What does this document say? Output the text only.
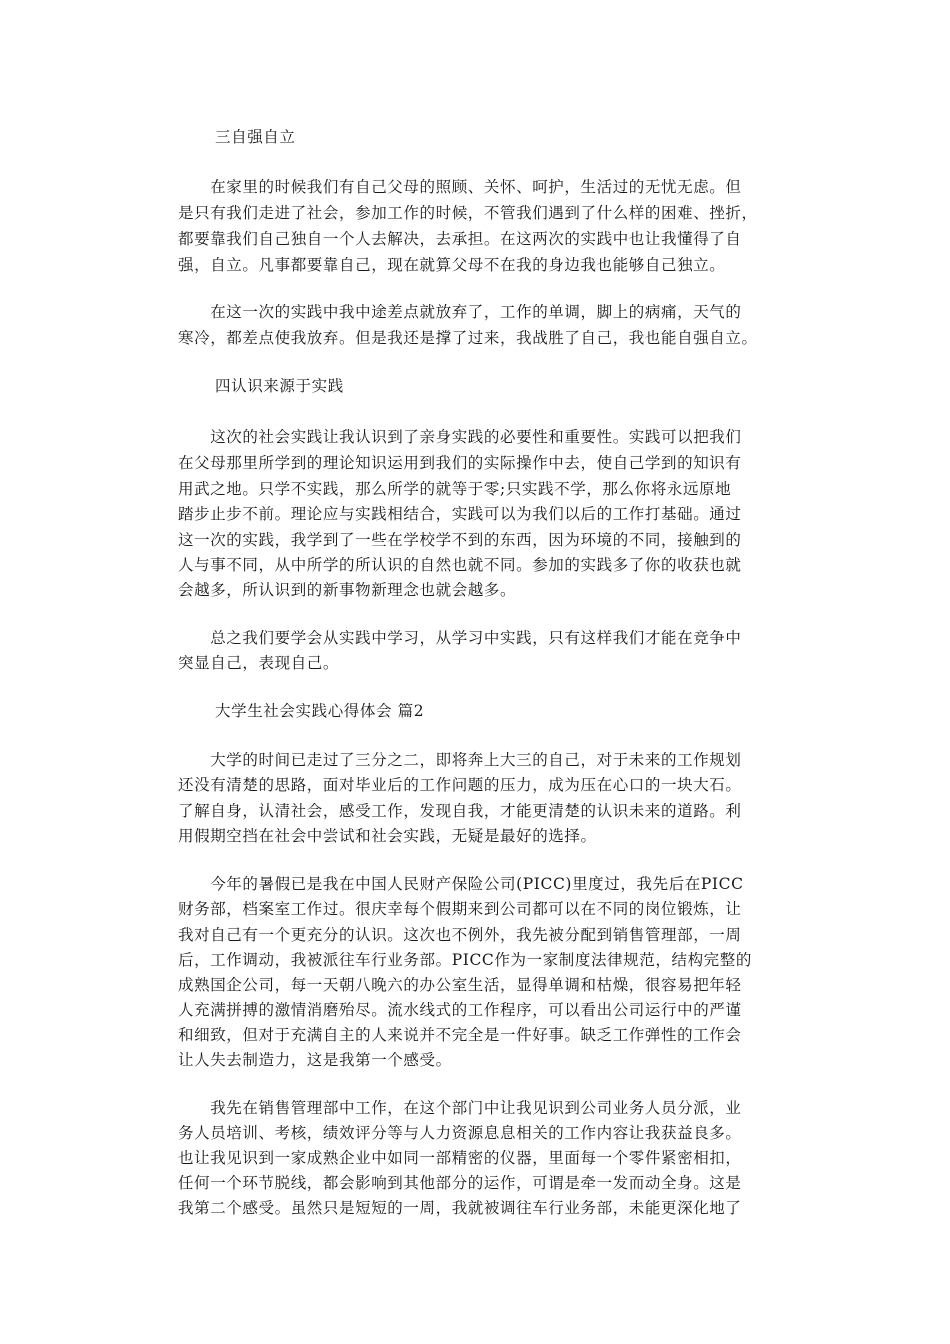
三自强自立
　　在家里的时候我们有自己父母的照顾、关怀、呵护，生活过的无忧无虑。但
是只有我们走进了社会，参加工作的时候，不管我们遇到了什么样的困难、挫折，
都要靠我们自己独自一个人去解决，去承担。在这两次的实践中也让我懂得了自
强，自立。凡事都要靠自己，现在就算父母不在我的身边我也能够自己独立。
　　在这一次的实践中我中途差点就放弃了，工作的单调，脚上的病痛，天气的
寒冷，都差点使我放弃。但是我还是撑了过来，我战胜了自己，我也能自强自立。
四认识来源于实践
　　这次的社会实践让我认识到了亲身实践的必要性和重要性。实践可以把我们
在父母那里所学到的理论知识运用到我们的实际操作中去，使自己学到的知识有
用武之地。只学不实践，那么所学的就等于零;只实践不学，那么你将永远原地
踏步止步不前。理论应与实践相结合，实践可以为我们以后的工作打基础。通过
这一次的实践，我学到了一些在学校学不到的东西，因为环境的不同，接触到的
人与事不同，从中所学的所认识的自然也就不同。参加的实践多了你的收获也就
会越多，所认识到的新事物新理念也就会越多。
　　总之我们要学会从实践中学习，从学习中实践，只有这样我们才能在竞争中
突显自己，表现自己。
大学生社会实践心得体会 篇2
　　大学的时间已走过了三分之二，即将奔上大三的自己，对于未来的工作规划
还没有清楚的思路，面对毕业后的工作问题的压力，成为压在心口的一块大石。
了解自身，认清社会，感受工作，发现自我，才能更清楚的认识未来的道路。利
用假期空挡在社会中尝试和社会实践，无疑是最好的选择。
　　今年的暑假已是我在中国人民财产保险公司(PICC)里度过，我先后在PICC
财务部，档案室工作过。很庆幸每个假期来到公司都可以在不同的岗位锻炼，让
我对自己有一个更充分的认识。这次也不例外，我先被分配到销售管理部，一周
后，工作调动，我被派往车行业务部。PICC作为一家制度法律规范，结构完整的
成熟国企公司，每一天朝八晚六的办公室生活，显得单调和枯燥，很容易把年轻
人充满拼搏的激情消磨殆尽。流水线式的工作程序，可以看出公司运行中的严谨
和细致，但对于充满自主的人来说并不完全是一件好事。缺乏工作弹性的工作会
让人失去制造力，这是我第一个感受。
　　我先在销售管理部中工作，在这个部门中让我见识到公司业务人员分派，业
务人员培训、考核，绩效评分等与人力资源息息相关的工作内容让我获益良多。
也让我见识到一家成熟企业中如同一部精密的仪器，里面每一个零件紧密相扣，
任何一个环节脱线，都会影响到其他部分的运作，可谓是牵一发而动全身。这是
我第二个感受。虽然只是短短的一周，我就被调往车行业务部，未能更深化地了
